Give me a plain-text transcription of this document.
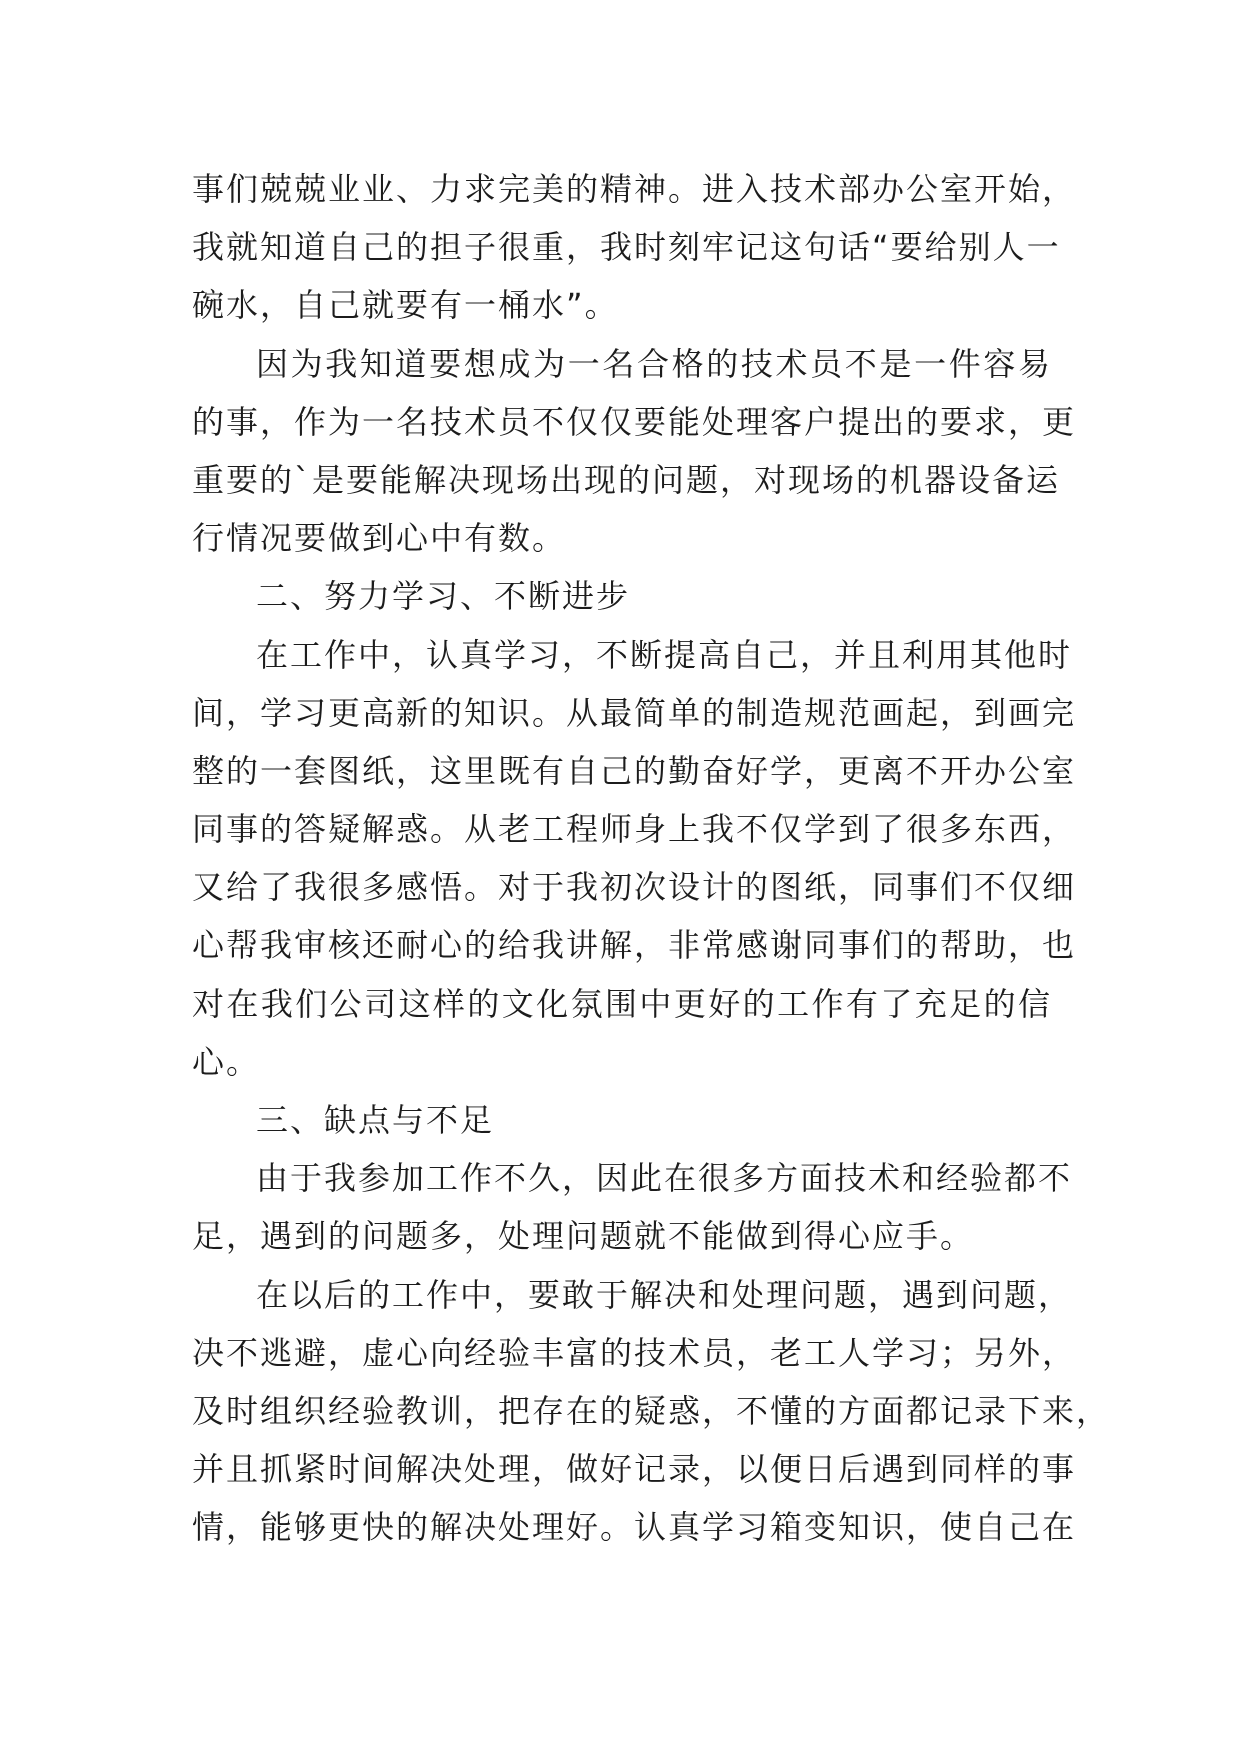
事们兢兢业业、力求完美的精神。进入技术部办公室开始，
我就知道自己的担子很重，我时刻牢记这句话“要给别人一
碗水，自己就要有一桶水”。
因为我知道要想成为一名合格的技术员不是一件容易
的事，作为一名技术员不仅仅要能处理客户提出的要求，更
重要的`是要能解决现场出现的问题，对现场的机器设备运
行情况要做到心中有数。
二、努力学习、不断进步
在工作中，认真学习，不断提高自己，并且利用其他时
间，学习更高新的知识。从最简单的制造规范画起，到画完
整的一套图纸，这里既有自己的勤奋好学，更离不开办公室
同事的答疑解惑。从老工程师身上我不仅学到了很多东西，
又给了我很多感悟。对于我初次设计的图纸，同事们不仅细
心帮我审核还耐心的给我讲解，非常感谢同事们的帮助，也
对在我们公司这样的文化氛围中更好的工作有了充足的信
心。
三、缺点与不足
由于我参加工作不久，因此在很多方面技术和经验都不
足，遇到的问题多，处理问题就不能做到得心应手。
在以后的工作中，要敢于解决和处理问题，遇到问题，
决不逃避，虚心向经验丰富的技术员，老工人学习；另外，
及时组织经验教训，把存在的疑惑，不懂的方面都记录下来，
并且抓紧时间解决处理，做好记录，以便日后遇到同样的事
情，能够更快的解决处理好。认真学习箱变知识，使自己在
